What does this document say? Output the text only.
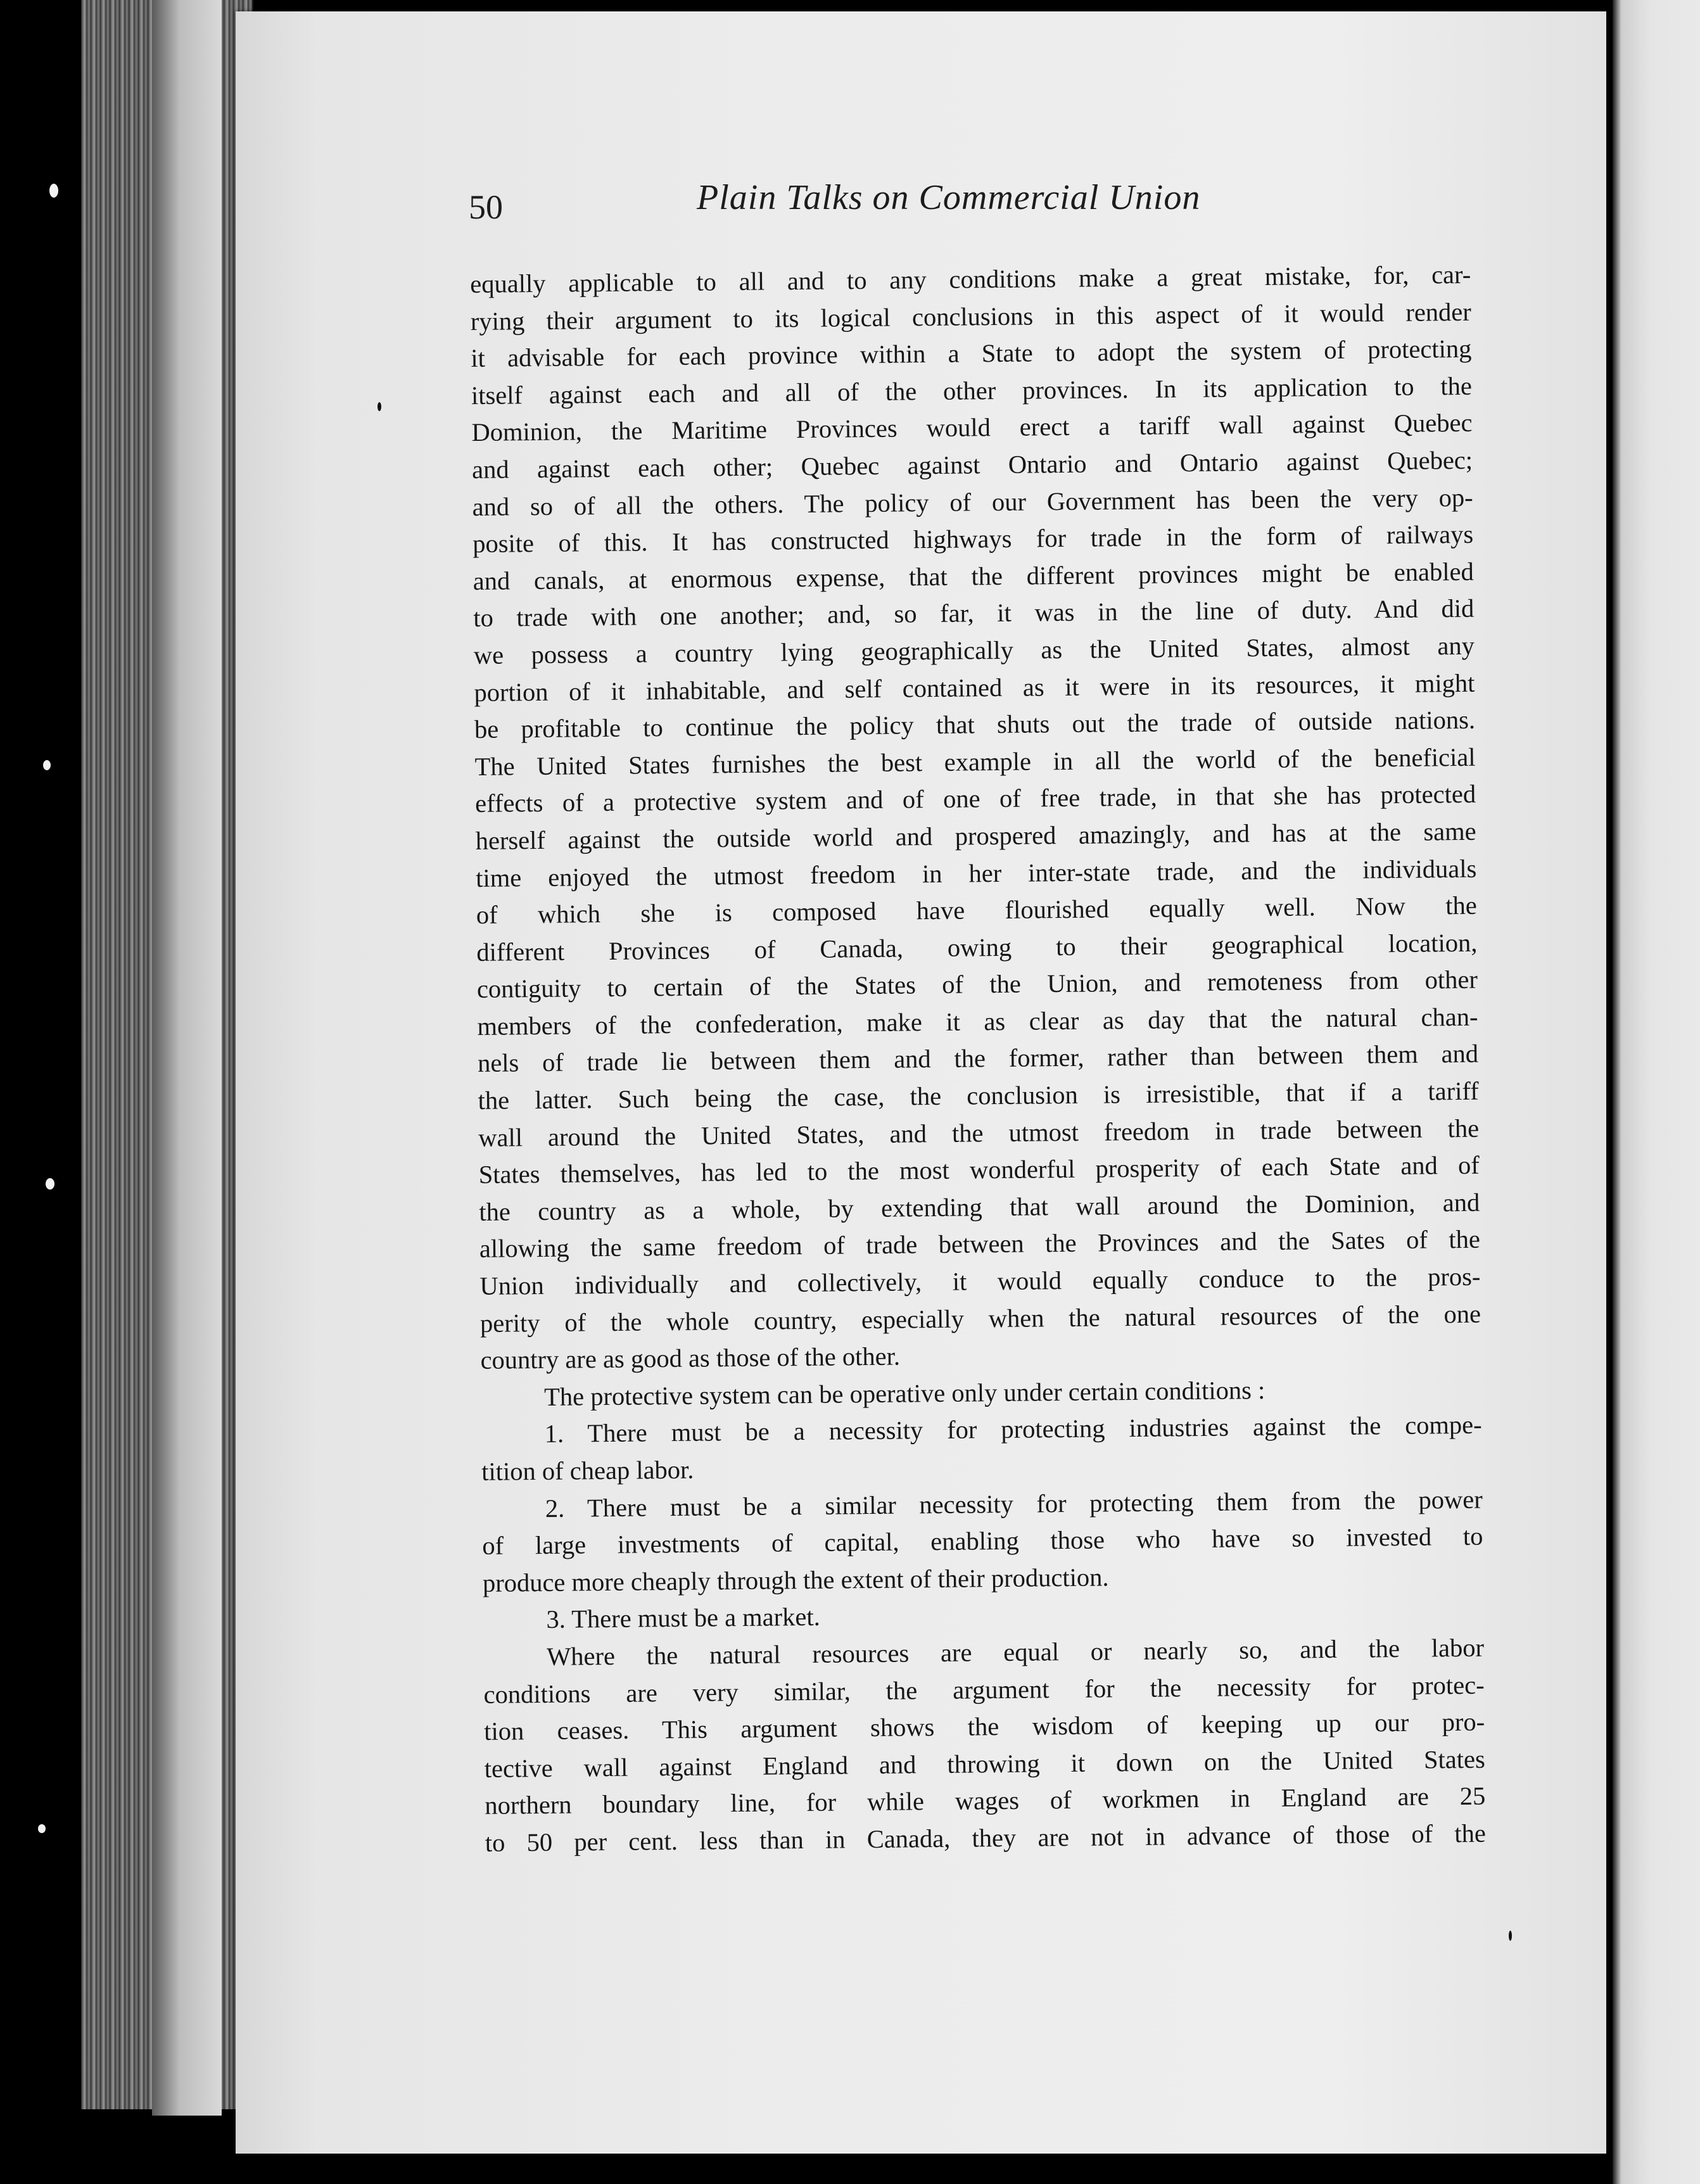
50	Plain Talks on Commercial Union
equally applicable to all and to any conditions make a great mistake, for, car-
rying their argument to its logical conclusions in this aspect of it would render
it advisable for each province within a State to adopt the system of protecting
itself against each and all of the other provinces. In its application to the
Dominion, the Maritime Provinces would erect a tariff wall against Quebec
and against each other; Quebec against Ontario and Ontario against Quebec;
and so of all the others. The policy of our Government has been the very op-
posite of this. It has constructed highways for trade in the form of railways
and canals, at enormous expense, that the different provinces might be enabled
to trade with one another; and, so far, it was in the line of duty. And did
we possess a country lying geographically as the United States, almost any
portion of it inhabitable, and self contained as it were in its resources, it might
be profitable to continue the policy that shuts out the trade of outside nations.
The United States furnishes the best example in all the world of the beneficial
effects of a protective system and of one of free trade, in that she has protected
herself against the outside world and prospered amazingly, and has at the same
time enjoyed the utmost freedom in her inter-state trade, and the individuals
of which she is composed have flourished equally well. Now the
different Provinces of Canada, owing to their geographical location,
contiguity to certain of the States of the Union, and remoteness from other
members of the confederation, make it as clear as day that the natural chan-
nels of trade lie between them and the former, rather than between them and
the latter. Such being the case, the conclusion is irresistible, that if a tariff
wall around the United States, and the utmost freedom in trade between the
States themselves, has led to the most wonderful prosperity of each State and of
the country as a whole, by extending that wall around the Dominion, and
allowing the same freedom of trade between the Provinces and the Sates of the
Union individually and collectively, it would equally conduce to the pros-
perity of the whole country, especially when the natural resources of the one
country are as good as those of the other.
The protective system can be operative only under certain conditions :
1. There must be a necessity for protecting industries against the compe-
tition of cheap labor.
2. There must be a similar necessity for protecting them from the power
of large investments of capital, enabling those who have so invested to
produce more cheaply through the extent of their production.
3. There must be a market.
Where the natural resources are equal or nearly so, and the labor
conditions are very similar, the argument for the necessity for protec-
tion ceases. This argument shows the wisdom of keeping up our pro-
tective wall against England and throwing it down on the United States
northern boundary line, for while wages of workmen in England are 25
to 50 per cent. less than in Canada, they are not in advance of those of the
